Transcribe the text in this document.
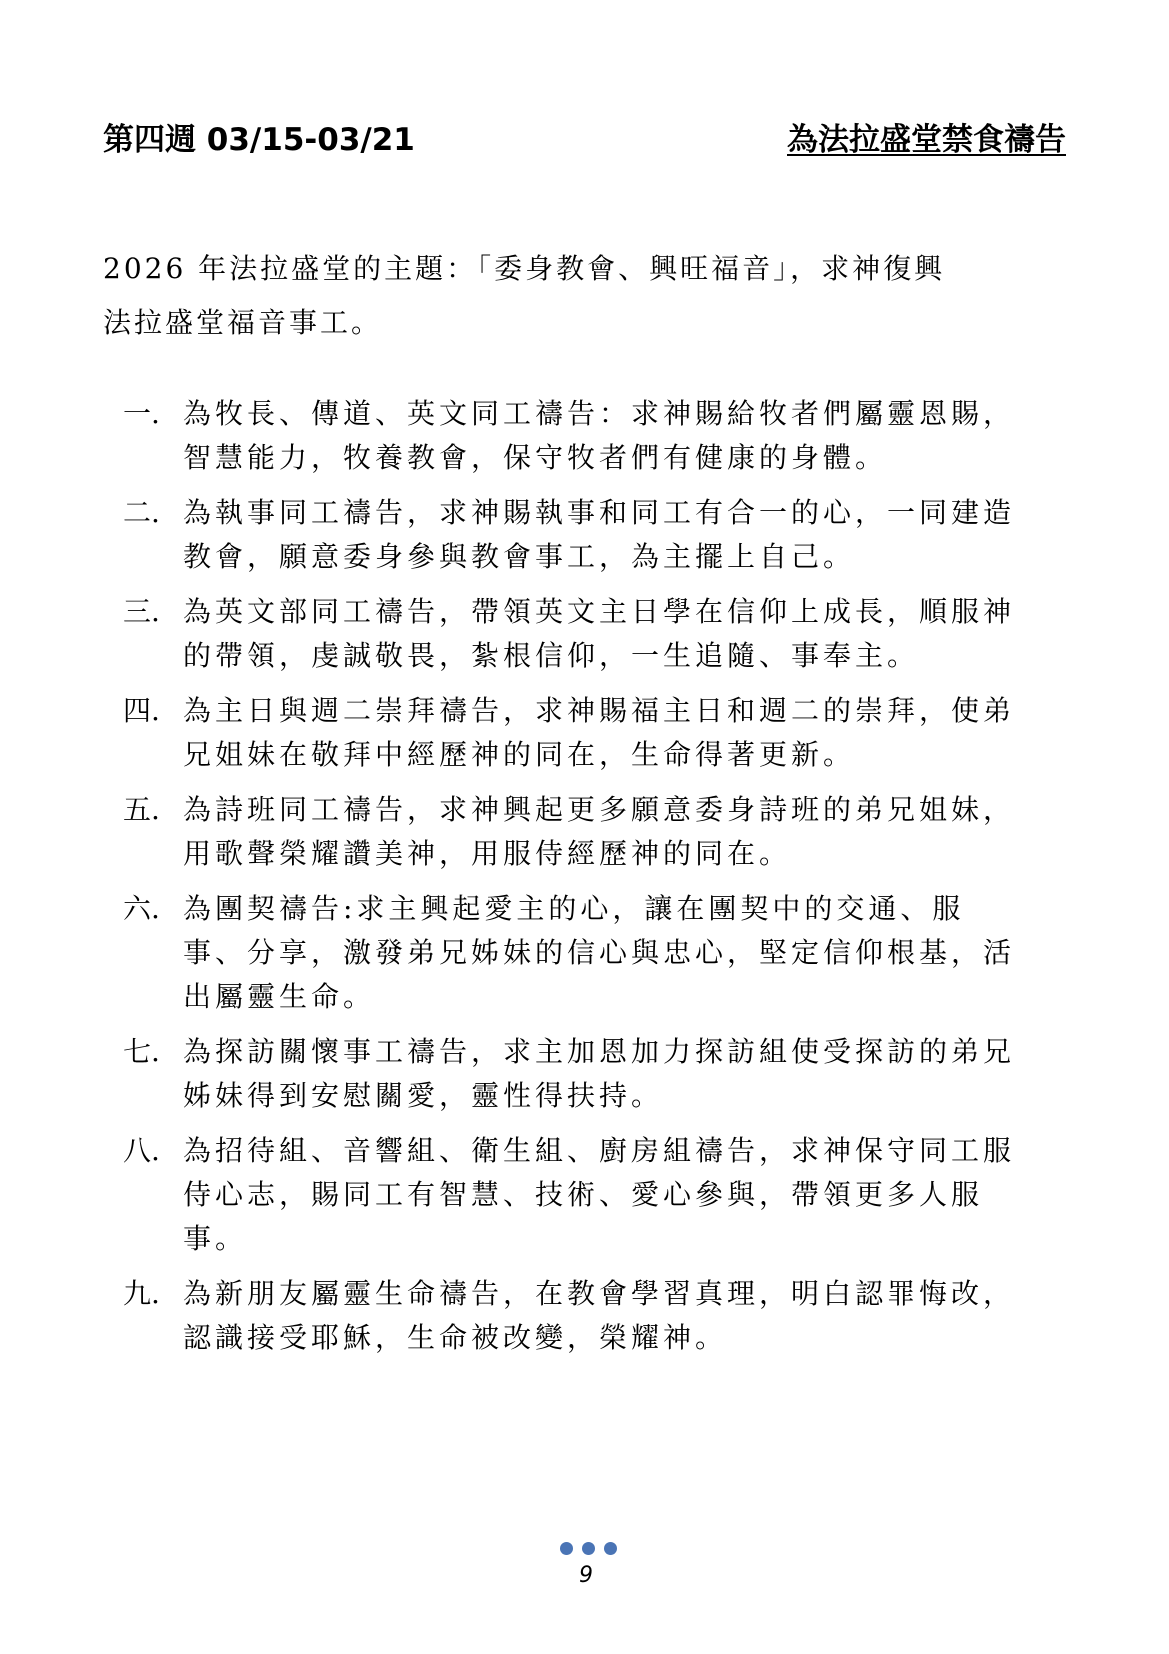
第四週 03/15-03/21	為法拉盛堂禁食禱告

2026 年法拉盛堂的主題：「委身教會、興旺福音」，求神復興

法拉盛堂福音事工。

一. 為牧長、傳道、英文同工禱告：求神賜給牧者們屬靈恩賜，
智慧能力，牧養教會，保守牧者們有健康的身體。
二. 為執事同工禱告，求神賜執事和同工有合一的心，一同建造
教會，願意委身參與教會事工，為主擺上自己。
三. 為英文部同工禱告，帶領英文主日學在信仰上成長，順服神
的帶領，虔誠敬畏，紮根信仰，一生追隨、事奉主。
四. 為主日與週二崇拜禱告，求神賜福主日和週二的崇拜，使弟
兄姐妹在敬拜中經歷神的同在，生命得著更新。
五. 為詩班同工禱告，求神興起更多願意委身詩班的弟兄姐妹，
用歌聲榮耀讚美神，用服侍經歷神的同在。
六. 為團契禱告:求主興起愛主的心，讓在團契中的交通、服
事、分享，激發弟兄姊妹的信心與忠心，堅定信仰根基，活
出屬靈生命。
七. 為探訪關懷事工禱告，求主加恩加力探訪組使受探訪的弟兄
姊妹得到安慰關愛，靈性得扶持。
八. 為招待組、音響組、衛生組、廚房組禱告，求神保守同工服
侍心志，賜同工有智慧、技術、愛心參與，帶領更多人服
事。
九. 為新朋友屬靈生命禱告，在教會學習真理，明白認罪悔改，
認識接受耶穌，生命被改變，榮耀神。
9
